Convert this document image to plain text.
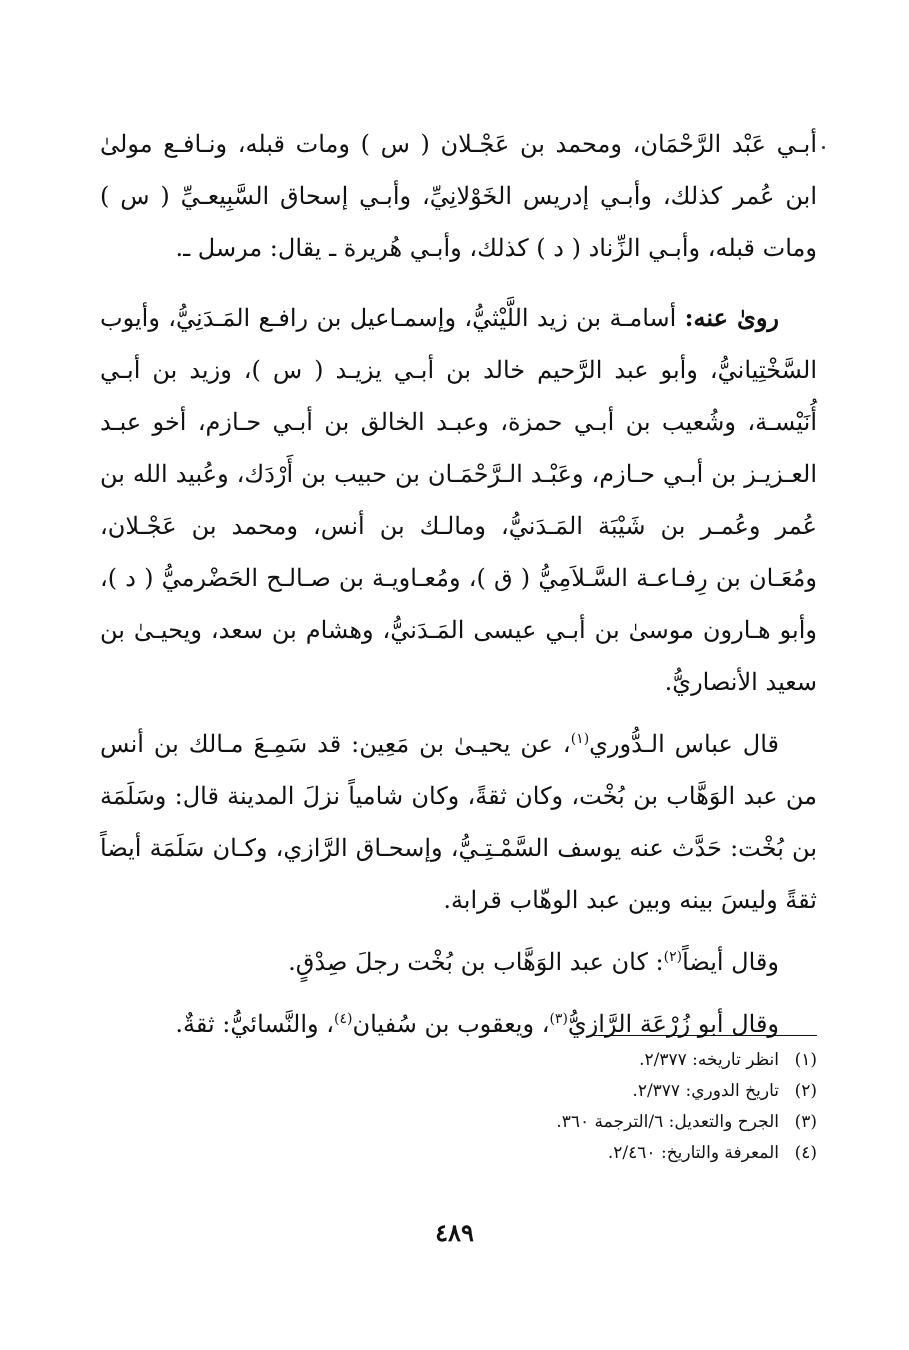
أبـي عَبْد الرَّحْمَان، ومحمد بن عَجْـلان ( س ) ومات قبله، ونـافـع مولىٰ ابن عُمر كذلك، وأبـي إدريس الخَوْلانِيِّ، وأبـي إسحاق السَّبِيعـيِّ ( س ) ومات قبله، وأبـي الزِّناد ( د ) كذلك، وأبـي هُريرة ـ يقال: مرسل ـ.

روىٰ عنه: أسامـة بن زيد اللَّيْثيُّ، وإسمـاعيل بن رافـع المَـدَنِيُّ، وأيوب السَّخْتِيانيُّ، وأبو عبد الرَّحيم خالد بن أبـي يزيـد ( س )، وزيد بن أبـي أُنَيْسـة، وشُعيب بن أبـي حمزة، وعبـد الخالق بن أبـي حـازم، أخو عبـد العـزيـز بن أبـي حـازم، وعَبْـد الـرَّحْمَـان بن حبيب بن أَرْدَك، وعُبيد الله بن عُمر وعُمـر بن شَيْبَة المَـدَنيُّ، ومالـك بن أنس، ومحمد بن عَجْـلان، ومُعَـان بن رِفـاعـة السَّـلاَمِيُّ ( ق )، ومُعـاويـة بن صـالـح الحَضْرميُّ ( د )، وأبو هـارون موسىٰ بن أبـي عيسى المَـدَنيُّ، وهشام بن سعد، ويحيـىٰ بن سعيد الأنصاريُّ.

قال عباس الـدُّوري$^{(١)}$، عن يحيـىٰ بن مَعِين: قد سَمِـعَ مـالك بن أنس من عبد الوَهَّاب بن بُخْت، وكان ثقةً، وكان شامياً نزلَ المدينة قال: وسَلَمَة بن بُخْت: حَدَّث عنه يوسف السَّمْـتِـيُّ، وإسحـاق الرَّازي، وكـان سَلَمَة أيضاً ثقةً وليسَ بينه وبين عبد الوهّاب قرابة.

وقال أيضاً$^{(٢)}$: كان عبد الوَهَّاب بن بُخْت رجلَ صِدْقٍ.

وقال أبو زُرْعَة الرَّازيُّ$^{(٣)}$، ويعقوب بن سُفيان$^{(٤)}$، والنَّسائيُّ: ثقةٌ.

(١)انظر تاريخه: ٢/٣٧٧.
(٢)تاريخ الدوري: ٢/٣٧٧.
(٣)الجرح والتعديل: ٦/الترجمة ٣٦٠.
(٤)المعرفة والتاريخ: ٢/٤٦٠.
٤٨٩
